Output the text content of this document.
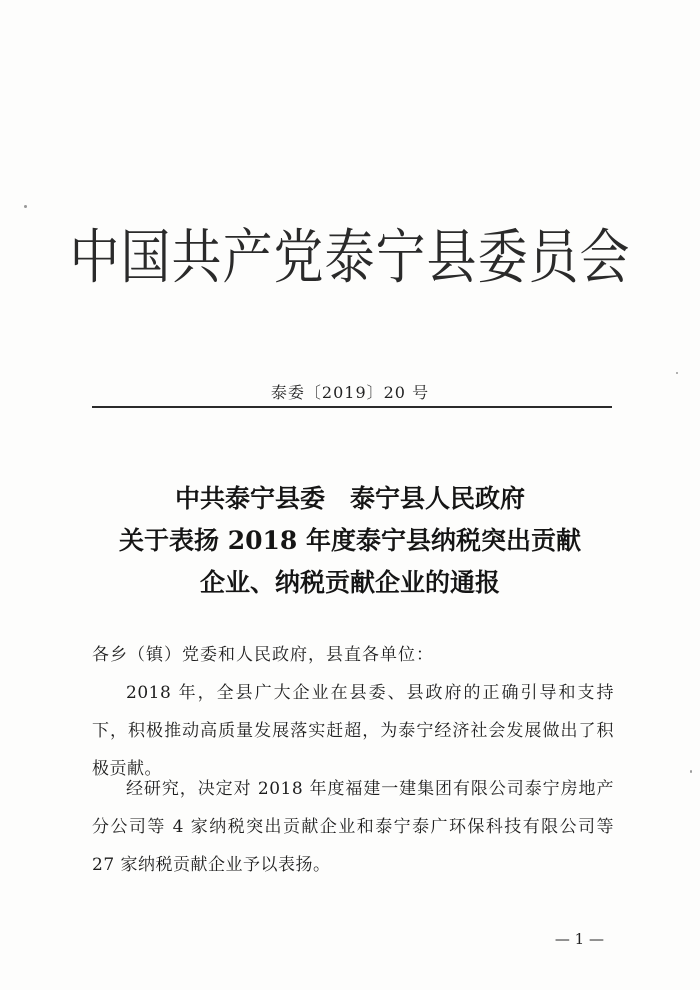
中国共产党泰宁县委员会
泰委〔2019〕20 号
中共泰宁县委　泰宁县人民政府
关于表扬 2018 年度泰宁县纳税突出贡献
企业、纳税贡献企业的通报
各乡（镇）党委和人民政府，县直各单位：
2018 年，全县广大企业在县委、县政府的正确引导和支持下，积极推动高质量发展落实赶超，为泰宁经济社会发展做出了积极贡献。
经研究，决定对 2018 年度福建一建集团有限公司泰宁房地产分公司等 4 家纳税突出贡献企业和泰宁泰广环保科技有限公司等 27 家纳税贡献企业予以表扬。
— 1 —
